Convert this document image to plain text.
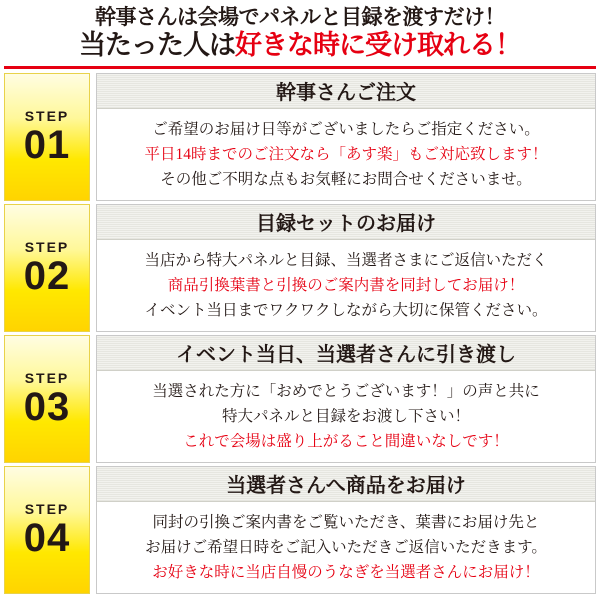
幹事さんは会場でパネルと目録を渡すだけ！
当たった人は好きな時に受け取れる！
STEP
01
幹事さんご注文
ご希望のお届け日等がございましたらご指定ください。
平日14時までのご注文なら「あす楽」もご対応致します！
その他ご不明な点もお気軽にお問合せくださいませ。
STEP
02
目録セットのお届け
当店から特大パネルと目録、当選者さまにご返信いただく
商品引換葉書と引換のご案内書を同封してお届け！
イベント当日までワクワクしながら大切に保管ください。
STEP
03
イベント当日、当選者さんに引き渡し
当選された方に「おめでとうございます！」の声と共に
特大パネルと目録をお渡し下さい！
これで会場は盛り上がること間違いなしです！
STEP
04
当選者さんへ商品をお届け
同封の引換ご案内書をご覧いただき、葉書にお届け先と
お届けご希望日時をご記入いただきご返信いただきます。
お好きな時に当店自慢のうなぎを当選者さんにお届け！
